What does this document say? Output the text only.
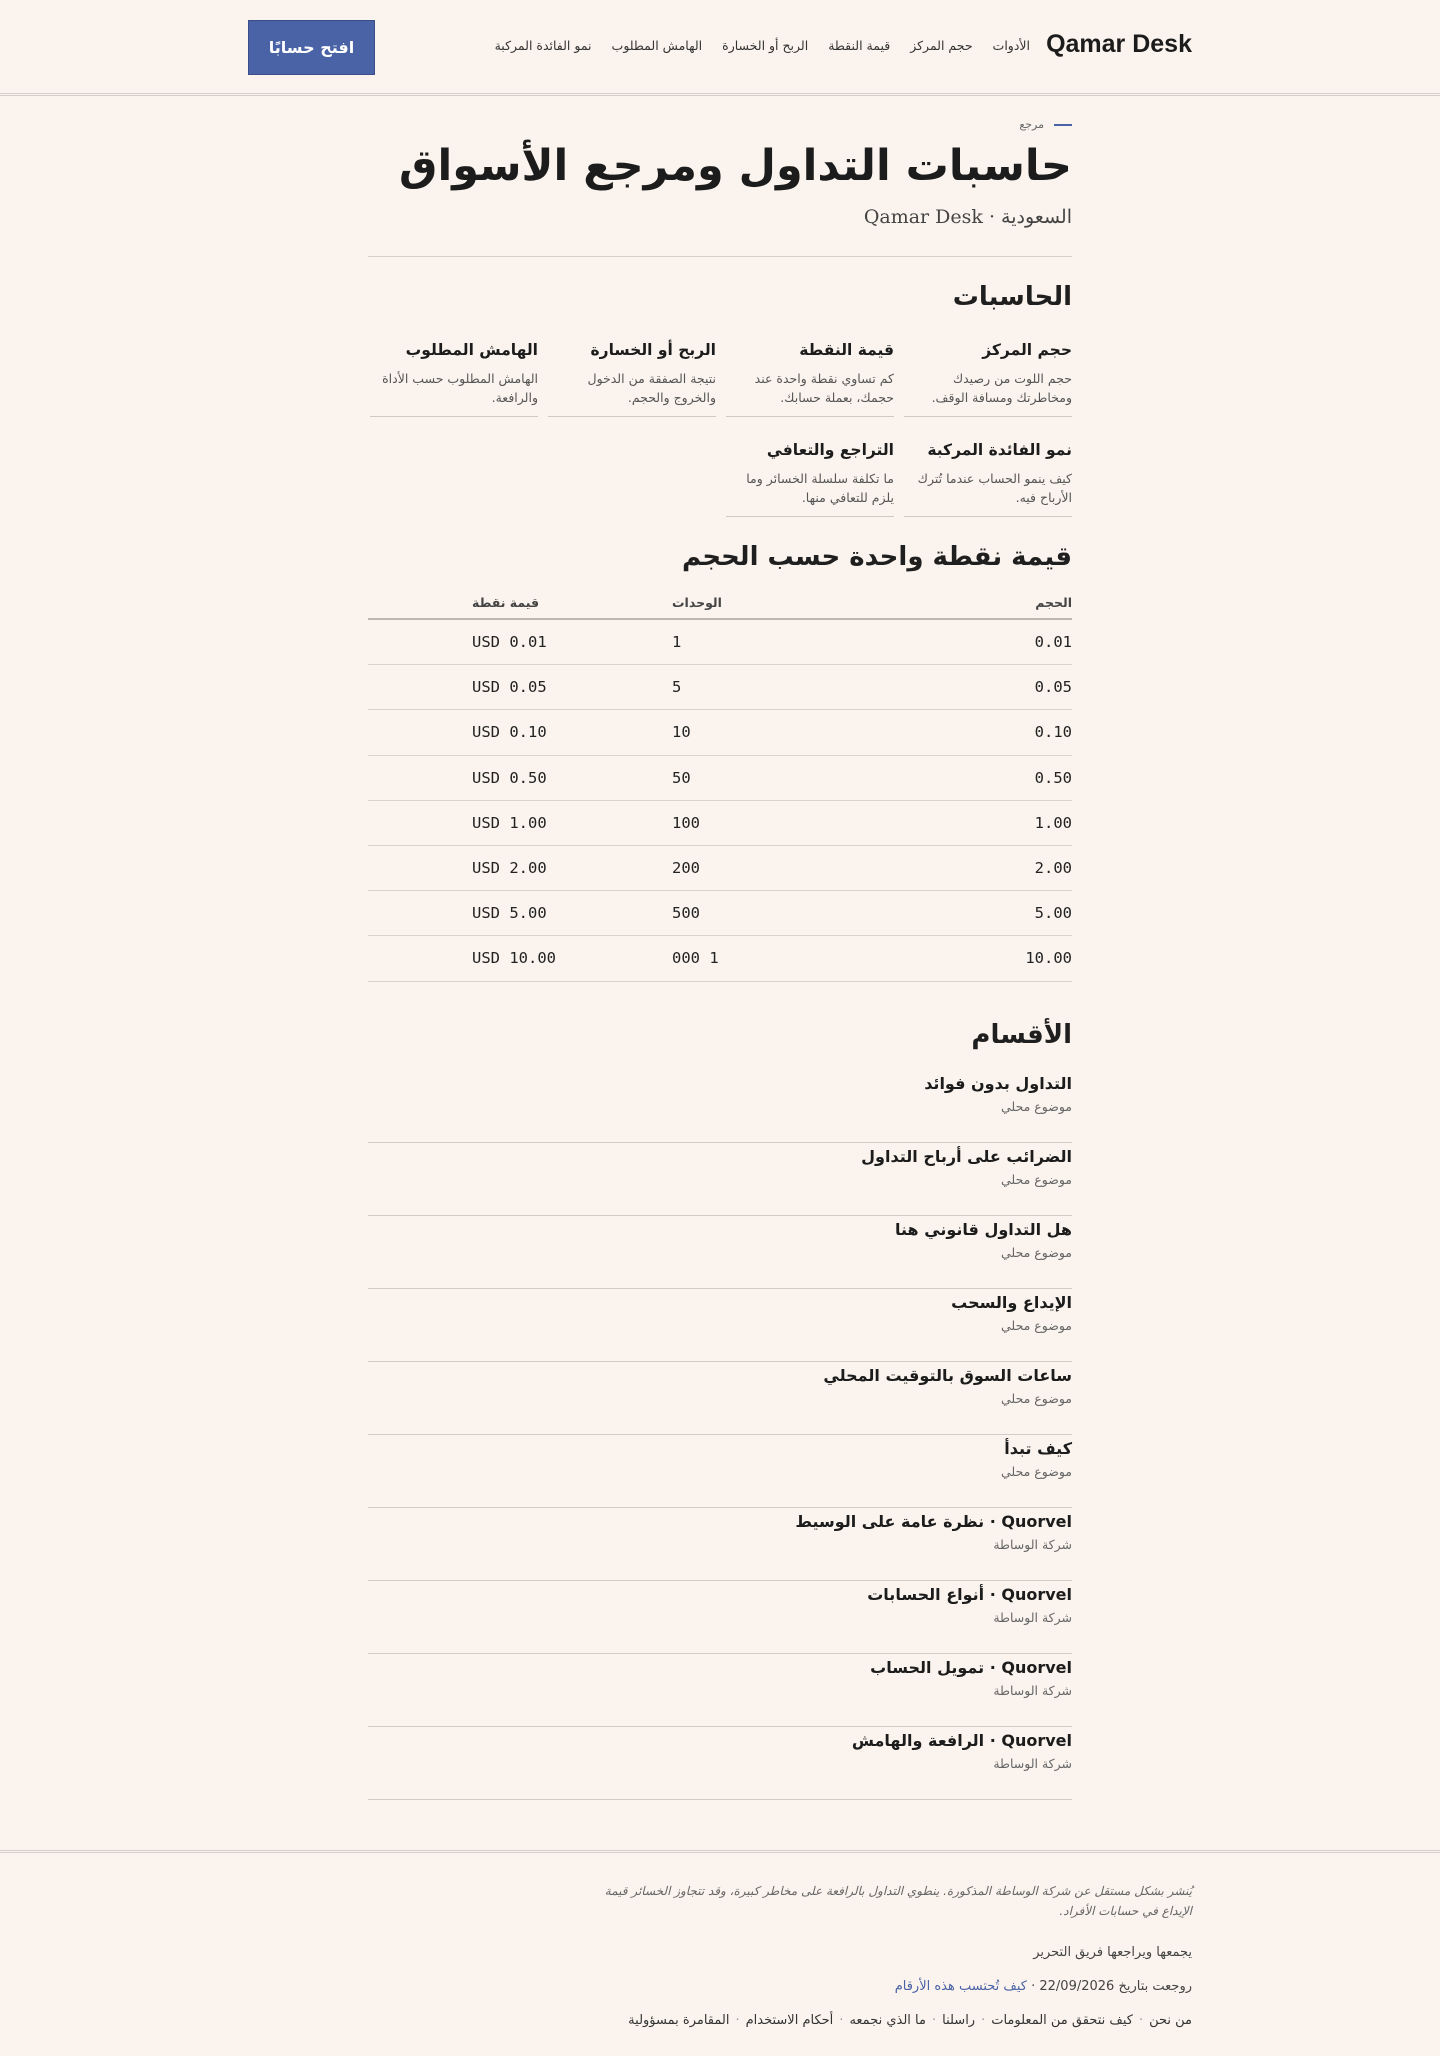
Qamar Desk
الأدوات
حجم المركز
قيمة النقطة
الربح أو الخسارة
الهامش المطلوب
نمو الفائدة المركبة
افتح حسابًا
مرجع
حاسبات التداول ومرجع الأسواق
السعودية · Qamar Desk
الحاسبات
حجم المركز
حجم اللوت من رصيدك ومخاطرتك ومسافة الوقف.
قيمة النقطة
كم تساوي نقطة واحدة عند حجمك، بعملة حسابك.
الربح أو الخسارة
نتيجة الصفقة من الدخول والخروج والحجم.
الهامش المطلوب
الهامش المطلوب حسب الأداة والرافعة.
نمو الفائدة المركبة
كيف ينمو الحساب عندما تُترك الأرباح فيه.
التراجع والتعافي
ما تكلفة سلسلة الخسائر وما يلزم للتعافي منها.
قيمة نقطة واحدة حسب الحجم
الحجم
الوحدات
قيمة نقطة
0.01
1
USD 0.01
0.05
5
USD 0.05
0.10
10
USD 0.10
0.50
50
USD 0.50
1.00
100
USD 1.00
2.00
200
USD 2.00
5.00
500
USD 5.00
10.00
1 000
USD 10.00
الأقسام
التداول بدون فوائد
موضوع محلي
الضرائب على أرباح التداول
موضوع محلي
هل التداول قانوني هنا
موضوع محلي
الإيداع والسحب
موضوع محلي
ساعات السوق بالتوقيت المحلي
موضوع محلي
كيف تبدأ
موضوع محلي
Quorvel · نظرة عامة على الوسيط
شركة الوساطة
Quorvel · أنواع الحسابات
شركة الوساطة
Quorvel · تمويل الحساب
شركة الوساطة
Quorvel · الرافعة والهامش
شركة الوساطة

يُنشر بشكل مستقل عن شركة الوساطة المذكورة. ينطوي التداول بالرافعة على مخاطر كبيرة، وقد تتجاوز الخسائر قيمة الإيداع في حسابات الأفراد.

يجمعها ويراجعها فريق التحرير

روجعت بتاريخ 22/09/2026 · كيف تُحتسب هذه الأرقام

من نحن
·
كيف نتحقق من المعلومات
·
راسلنا
·
ما الذي نجمعه
·
أحكام الاستخدام
·
المقامرة بمسؤولية
